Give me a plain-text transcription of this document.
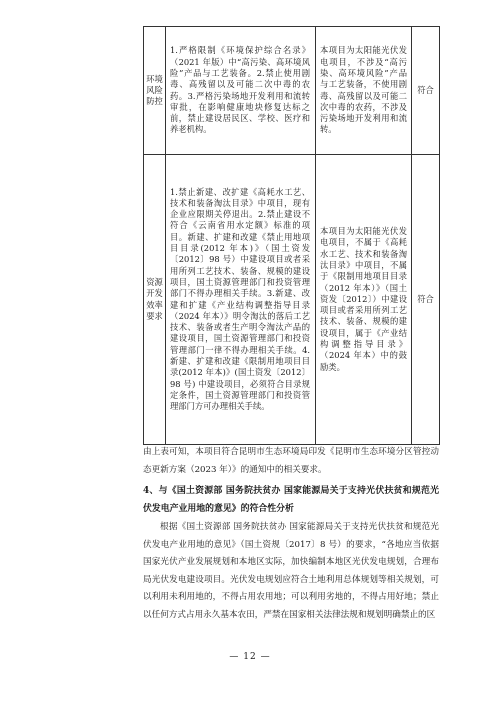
环境风险防控	1.严格限制《环境保护综合名录》（2021 年版）中“高污染、高环境风险”产品与工艺装备。2.禁止使用剧毒、高残留以及可能二次中毒的农药。3.严格污染场地开发利用和流转审批，在影响健康地块修复达标之前，禁止建设居民区、学校、医疗和养老机构。	本项目为太阳能光伏发电项目，不涉及“高污染、高环境风险”产品与工艺装备，不使用剧毒、高残留以及可能二次中毒的农药，不涉及污染场地开发利用和流转。	符合
资源开发效率要求	1.禁止新建、改扩建《高耗水工艺、技术和装备淘汰目录》中项目，现有企业应限期关停退出。2.禁止建设不符合《云南省用水定额》标准的项目。新建、扩建和改建《禁止用地项目目录(2012 年本)》（国土资发〔2012〕98 号）中建设项目或者采用所列工艺技术、装备、规模的建设项目，国土资源管理部门和投资管理部门不得办理相关手续。3.新建、改建和扩建《产业结构调整指导目录（2024 年本）》明令淘汰的落后工艺技术、装备或者生产明令淘汰产品的建设项目，国土资源管理部门和投资管理部门一律不得办理相关手续。4.新建、扩建和改建《限制用地项目目录(2012 年本)》(国土资发〔2012〕98 号) 中建设项目，必须符合目录规定条件，国土资源管理部门和投资管理部门方可办理相关手续。	本项目为太阳能光伏发电项目，不属于《高耗水工艺、技术和装备淘汰目录》中项目，不属于《限制用地项目目录（2012 年本）》（国土资发〔2012〕）中建设项目或者采用所列工艺技术、装备、规模的建设项目，属于《产业结构调整指导目录》（2024 年本）中的鼓励类。	符合

由上表可知，本项目符合昆明市生态环境局印发《昆明市生态环境分区管控动态更新方案（2023 年）》的通知中的相关要求。

4、与《国土资源部 国务院扶贫办 国家能源局关于支持光伏扶贫和规范光伏发电产业用地的意见》的符合性分析

根据《国土资源部 国务院扶贫办 国家能源局关于支持光伏扶贫和规范光伏发电产业用地的意见》（国土资规〔2017〕8 号）的要求，“各地应当依据国家光伏产业发展规划和本地区实际，加快编制本地区光伏发电规划，合理布局光伏发电建设项目。光伏发电规划应符合土地利用总体规划等相关规划，可以利用未利用地的，不得占用农用地；可以利用劣地的，不得占用好地；禁止以任何方式占用永久基本农田，严禁在国家相关法律法规和规划明确禁止的区

— 12 —
